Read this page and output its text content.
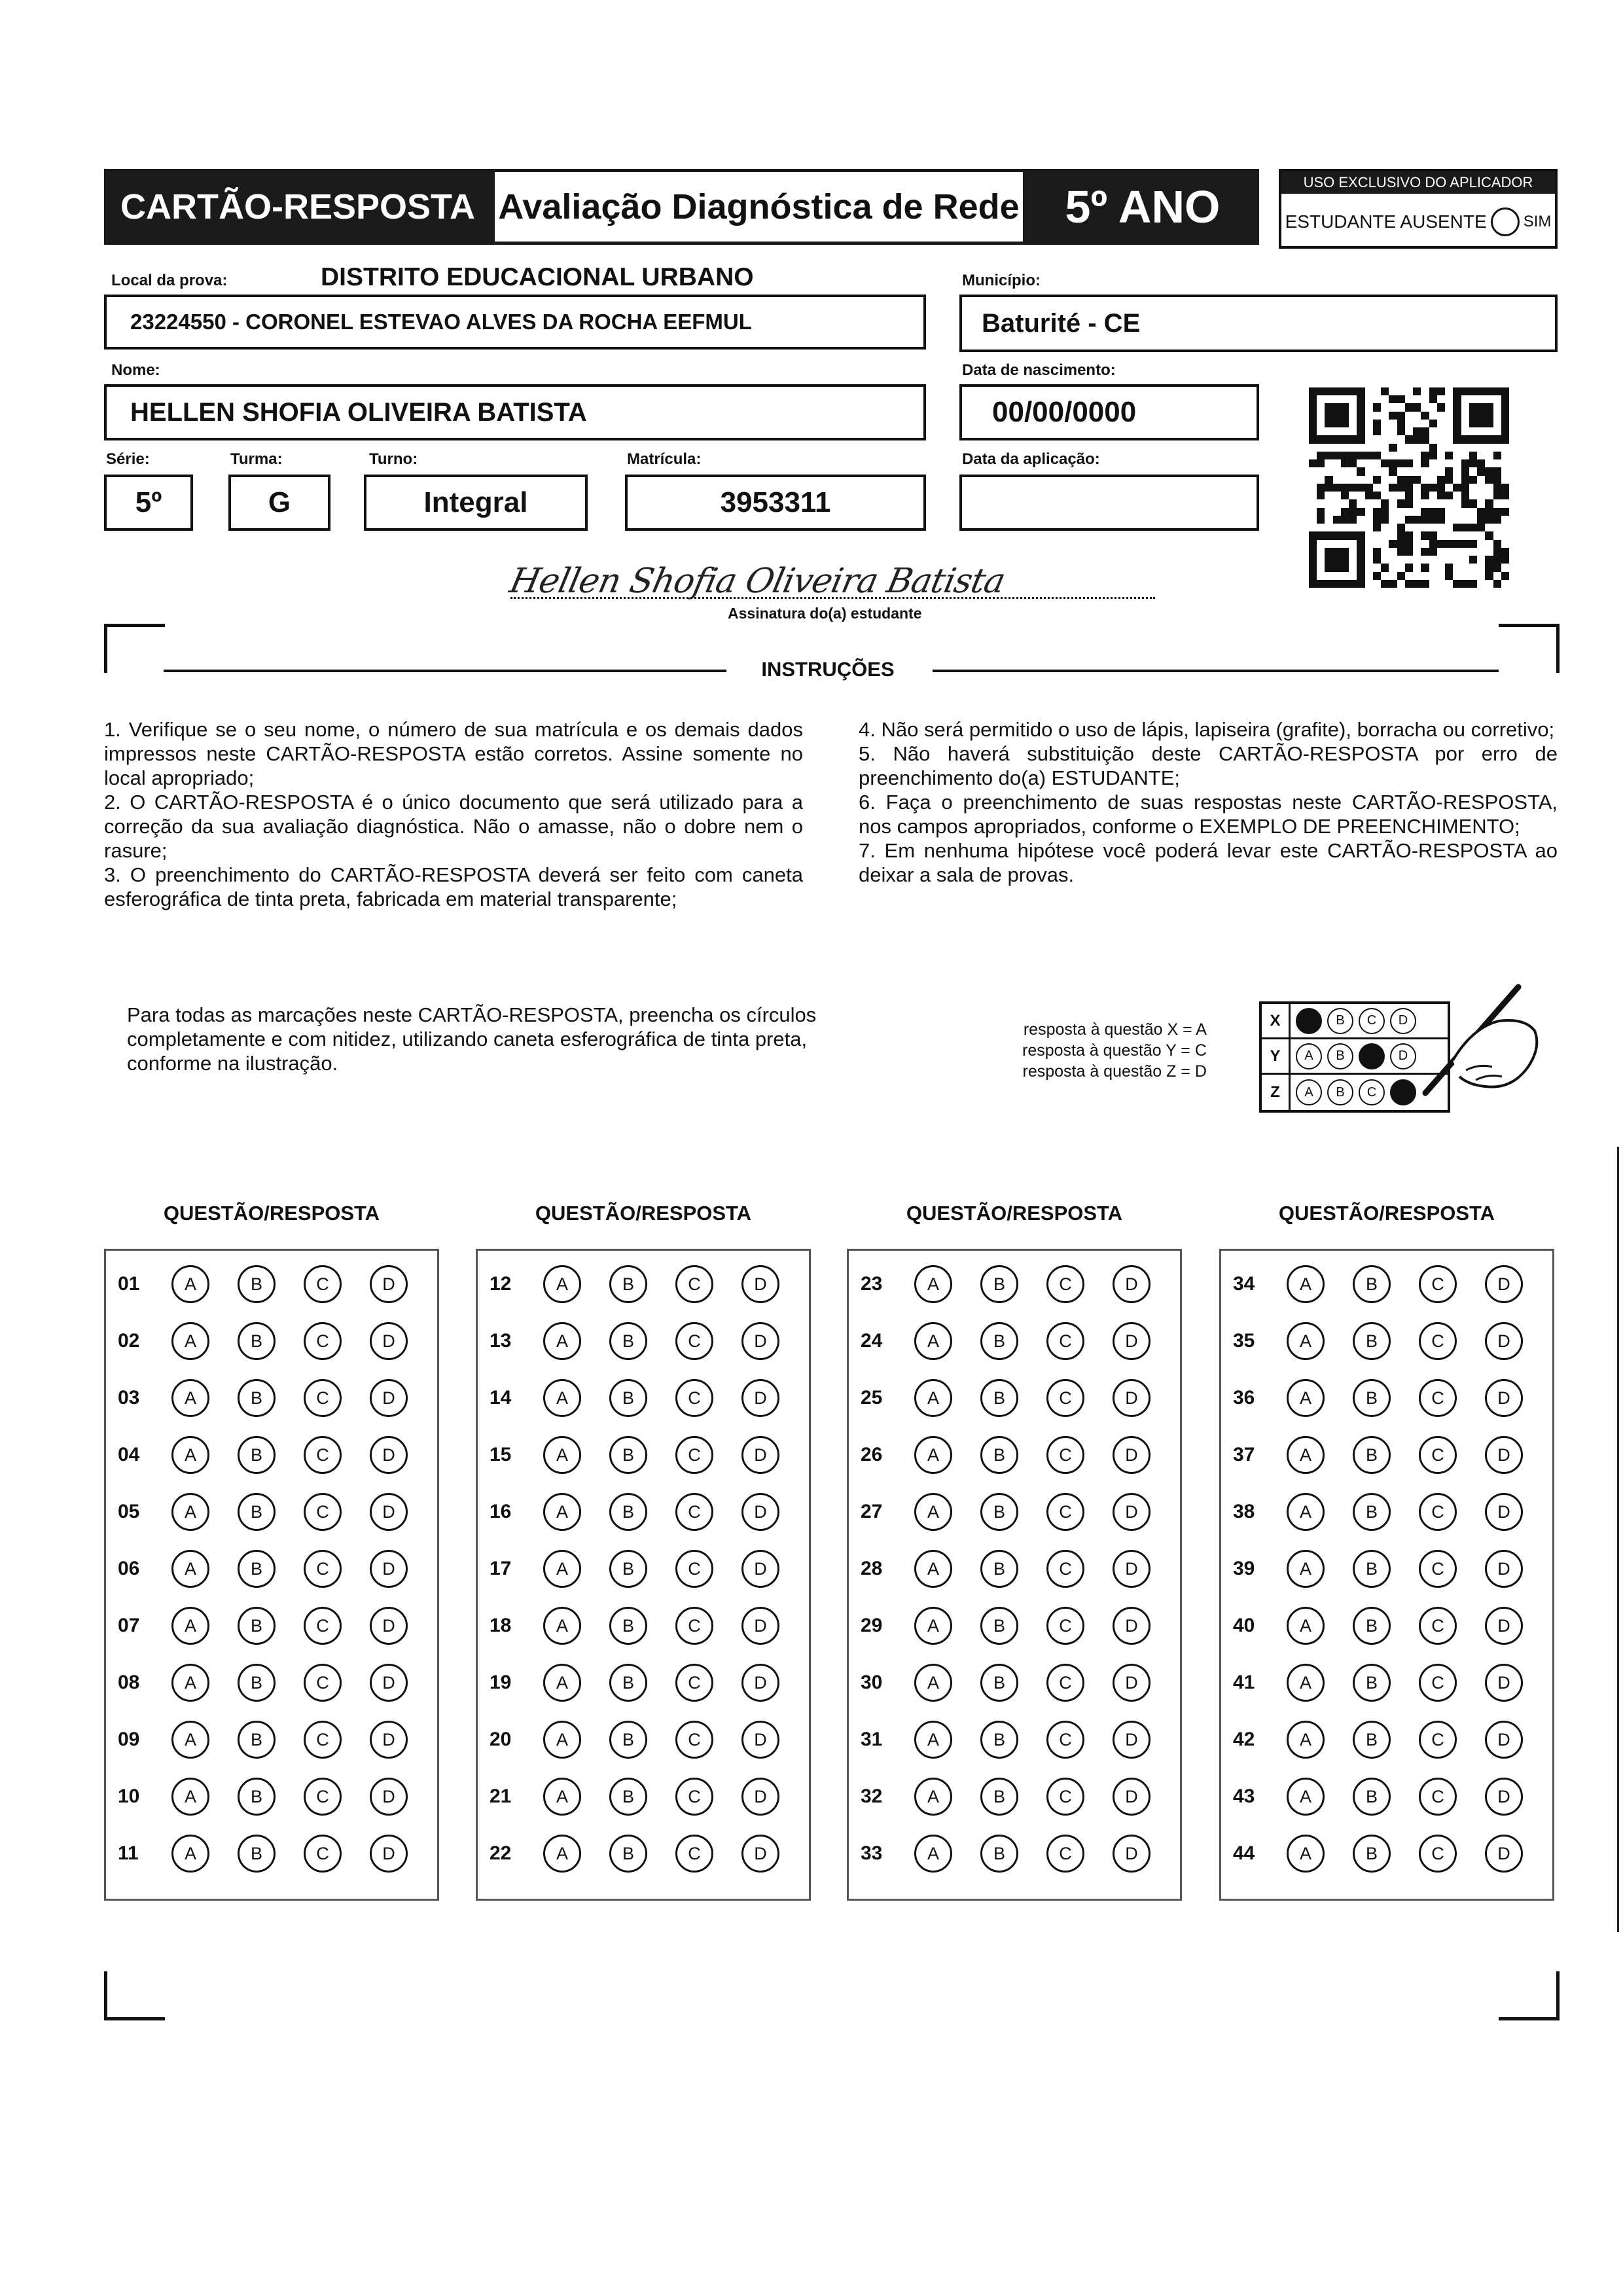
CARTÃO-RESPOSTA Avaliação Diagnóstica de Rede 5º ANO	USO EXCLUSIVO DO APLICADOR
ESTUDANTE AUSENTE SIM
Local da prova:	DISTRITO EDUCACIONAL URBANO
23224550 - CORONEL ESTEVAO ALVES DA ROCHA EEFMUL
Município:
Baturité - CE
Nome:
HELLEN SHOFIA OLIVEIRA BATISTA
Data de nascimento:
00/00/0000
Série:
5º
Turma:
G
Turno:
Integral
Matrícula:
3953311
Data da aplicação:
Hellen Shofia Oliveira Batista
Assinatura do(a) estudante
INSTRUÇÕES

1. Verifique se o seu nome, o número de sua matrícula e os demais dados impressos neste CARTÃO-RESPOSTA estão corretos. Assine somente no local apropriado;

2. O CARTÃO-RESPOSTA é o único documento que será utilizado para a correção da sua avaliação diagnóstica. Não o amasse, não o dobre nem o rasure;

3. O preenchimento do CARTÃO-RESPOSTA deverá ser feito com caneta esferográfica de tinta preta, fabricada em material transparente;

4. Não será permitido o uso de lápis, lapiseira (grafite), borracha ou corretivo;

5. Não haverá substituição deste CARTÃO-RESPOSTA por erro de preenchimento do(a) ESTUDANTE;

6. Faça o preenchimento de suas respostas neste CARTÃO-RESPOSTA, nos campos apropriados, conforme o EXEMPLO DE PREENCHIMENTO;

7. Em nenhuma hipótese você poderá levar este CARTÃO-RESPOSTA ao deixar a sala de provas.

Para todas as marcações neste CARTÃO-RESPOSTA, preencha os círculos completamente e com nitidez, utilizando caneta esferográfica de tinta preta, conforme na ilustração.
resposta à questão X = A
resposta à questão Y = C
resposta à questão Z = D
X	A	B	C	D
Y	A	B	C	D
Z	A	B	C	D
QUESTÃO/RESPOSTA
01	A	B	C	D
02	A	B	C	D
03	A	B	C	D
04	A	B	C	D
05	A	B	C	D
06	A	B	C	D
07	A	B	C	D
08	A	B	C	D
09	A	B	C	D
10	A	B	C	D
11	A	B	C	D
QUESTÃO/RESPOSTA
12	A	B	C	D
13	A	B	C	D
14	A	B	C	D
15	A	B	C	D
16	A	B	C	D
17	A	B	C	D
18	A	B	C	D
19	A	B	C	D
20	A	B	C	D
21	A	B	C	D
22	A	B	C	D
QUESTÃO/RESPOSTA
23	A	B	C	D
24	A	B	C	D
25	A	B	C	D
26	A	B	C	D
27	A	B	C	D
28	A	B	C	D
29	A	B	C	D
30	A	B	C	D
31	A	B	C	D
32	A	B	C	D
33	A	B	C	D
QUESTÃO/RESPOSTA
34	A	B	C	D
35	A	B	C	D
36	A	B	C	D
37	A	B	C	D
38	A	B	C	D
39	A	B	C	D
40	A	B	C	D
41	A	B	C	D
42	A	B	C	D
43	A	B	C	D
44	A	B	C	D
